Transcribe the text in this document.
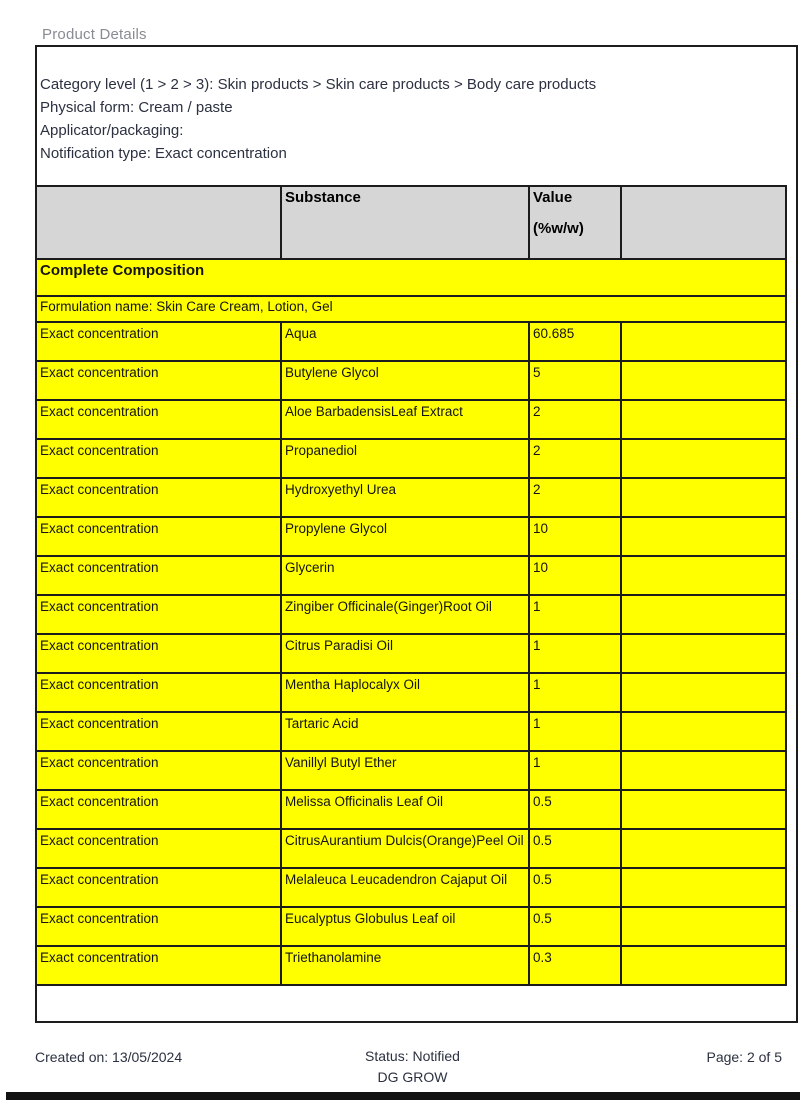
Product Details
Category level (1 > 2 > 3): Skin products > Skin care products > Body care products
Physical form: Cream / paste
Applicator/packaging:
Notification type: Exact concentration
	Substance	Value
(%w/w)	

Complete Composition			
Formulation name: Skin Care Cream, Lotion, Gel			
Exact concentration	Aqua	60.685	
Exact concentration	Butylene Glycol	5	
Exact concentration	Aloe BarbadensisLeaf Extract	2	
Exact concentration	Propanediol	2	
Exact concentration	Hydroxyethyl Urea	2	
Exact concentration	Propylene Glycol	10	
Exact concentration	Glycerin	10	
Exact concentration	Zingiber Officinale(Ginger)Root Oil	1	
Exact concentration	Citrus Paradisi Oil	1	
Exact concentration	Mentha Haplocalyx Oil	1	
Exact concentration	Tartaric Acid	1	
Exact concentration	Vanillyl Butyl Ether	1	
Exact concentration	Melissa Officinalis Leaf Oil	0.5	
Exact concentration	CitrusAurantium Dulcis(Orange)Peel Oil	0.5	
Exact concentration	Melaleuca Leucadendron Cajaput Oil	0.5	
Exact concentration	Eucalyptus Globulus Leaf oil	0.5	
Exact concentration	Triethanolamine	0.3	
Status: Notified
DG GROW
Created on: 13/05/2024	Page: 2 of 5
